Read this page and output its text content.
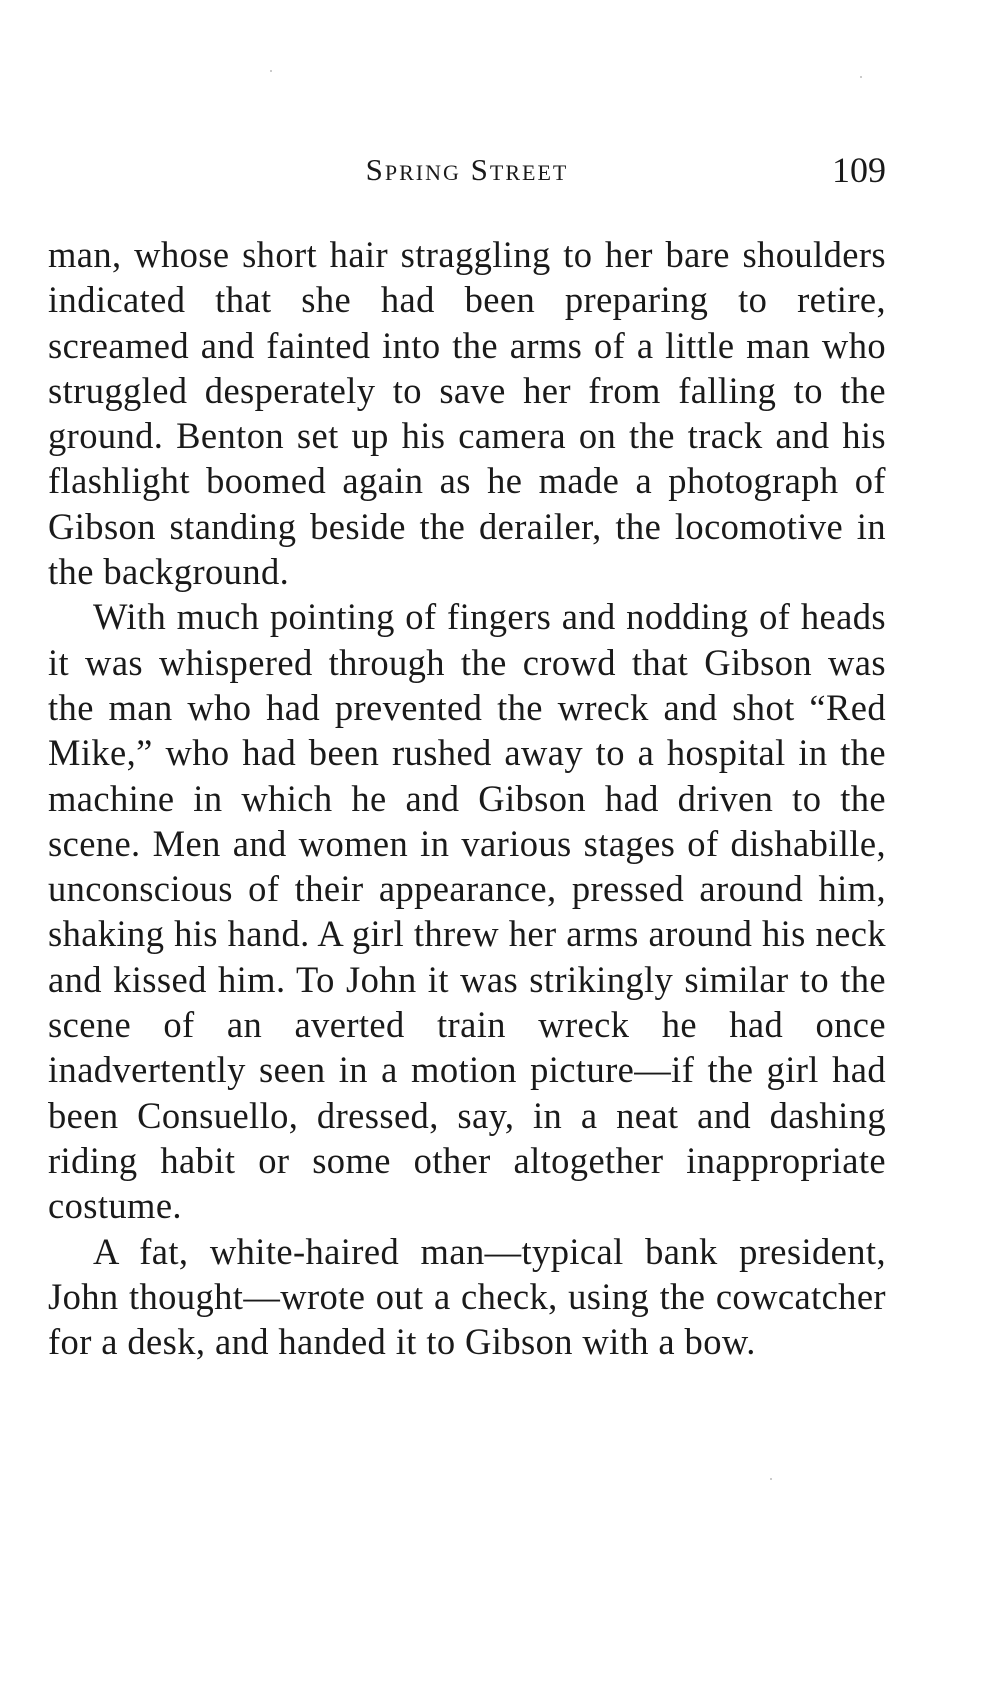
Spring Street	109

man, whose short hair straggling to her bare shoulders indicated that she had been preparing to retire, screamed and fainted into the arms of a little man who struggled desperately to save her from falling to the ground. Benton set up his camera on the track and his flashlight boomed again as he made a photograph of Gibson standing beside the derailer, the locomotive in the background.

With much pointing of fingers and nodding of heads it was whispered through the crowd that Gibson was the man who had prevented the wreck and shot “Red Mike,” who had been rushed away to a hospital in the machine in which he and Gibson had driven to the scene. Men and women in various stages of dishabille, unconscious of their appearance, pressed around him, shaking his hand. A girl threw her arms around his neck and kissed him. To John it was strikingly similar to the scene of an averted train wreck he had once inadvertently seen in a motion picture—if the girl had been Consuello, dressed, say, in a neat and dashing riding habit or some other altogether inappropriate costume.

A fat, white-haired man—typical bank president, John thought—wrote out a check, using the cowcatcher for a desk, and handed it to Gibson with a bow.
